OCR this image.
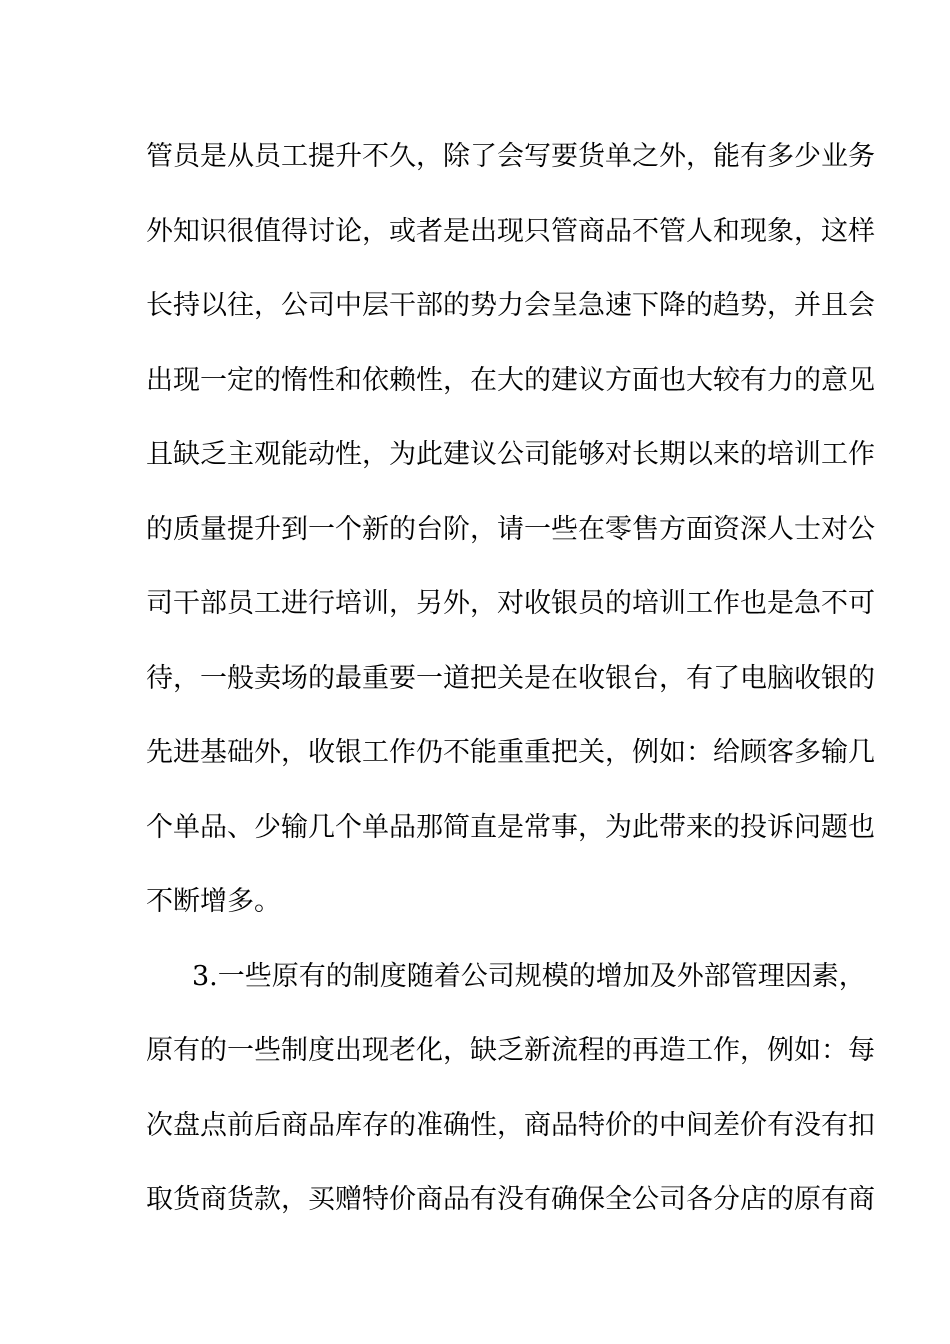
管员是从员工提升不久，除了会写要货单之外，能有多少业务
外知识很值得讨论，或者是出现只管商品不管人和现象，这样
长持以往，公司中层干部的势力会呈急速下降的趋势，并且会
出现一定的惰性和依赖性，在大的建议方面也大较有力的意见
且缺乏主观能动性，为此建议公司能够对长期以来的培训工作
的质量提升到一个新的台阶，请一些在零售方面资深人士对公
司干部员工进行培训，另外，对收银员的培训工作也是急不可
待，一般卖场的最重要一道把关是在收银台，有了电脑收银的
先进基础外，收银工作仍不能重重把关，例如：给顾客多输几
个单品、少输几个单品那简直是常事，为此带来的投诉问题也
不断增多。
3.一些原有的制度随着公司规模的增加及外部管理因素，
原有的一些制度出现老化，缺乏新流程的再造工作，例如：每
次盘点前后商品库存的准确性，商品特价的中间差价有没有扣
取货商货款，买赠特价商品有没有确保全公司各分店的原有商
